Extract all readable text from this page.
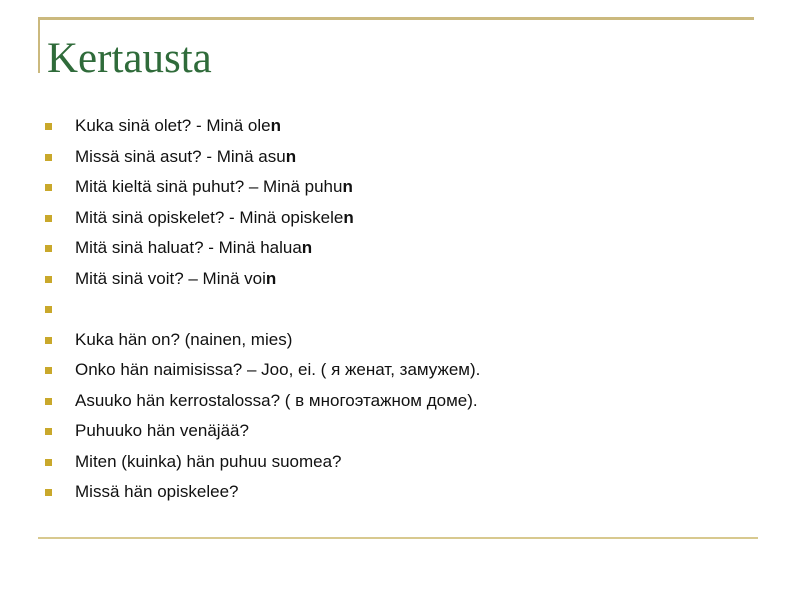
Kertausta
Kuka sinä olet? - Minä olen
Missä sinä asut? - Minä asun
Mitä kieltä sinä puhut? – Minä puhun
Mitä sinä opiskelet? - Minä opiskelen
Mitä sinä haluat? - Minä haluan
Mitä sinä voit? – Minä voin
Kuka hän on? (nainen, mies)
Onko hän naimisissa? – Joo, ei. ( я женат, замужем).
Asuuko hän kerrostalossa? ( в многоэтажном доме).
Puhuuko hän venäjää?
Miten (kuinka) hän puhuu suomea?
Missä hän opiskelee?
